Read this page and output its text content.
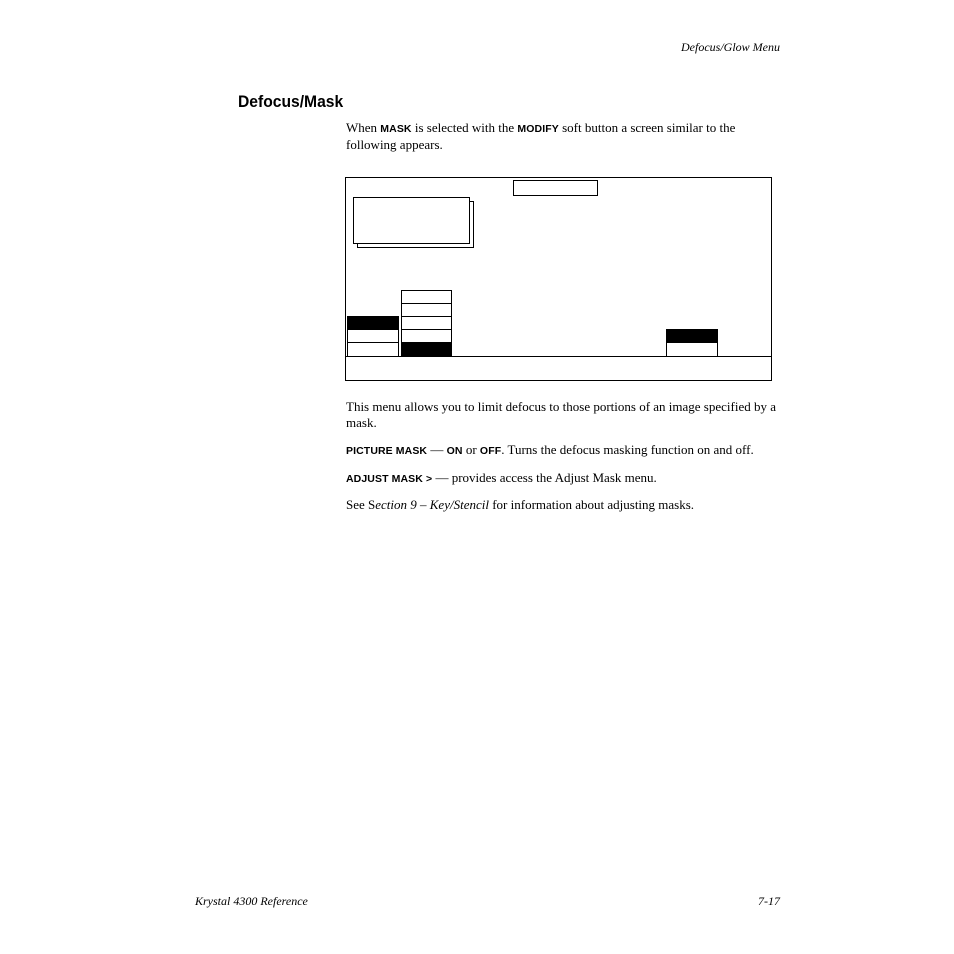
Defocus/Glow Menu
Defocus/Mask

When MASK is selected with the MODIFY soft button a screen similar to the following appears.

This menu allows you to limit defocus to those portions of an image specified by a mask.

PICTURE MASK — ON or OFF. Turns the defocus masking function on and off.

ADJUST MASK > — provides access the Adjust Mask menu.

See Section 9 – Key/Stencil for information about adjusting masks.

Krystal 4300 Reference	7-17
